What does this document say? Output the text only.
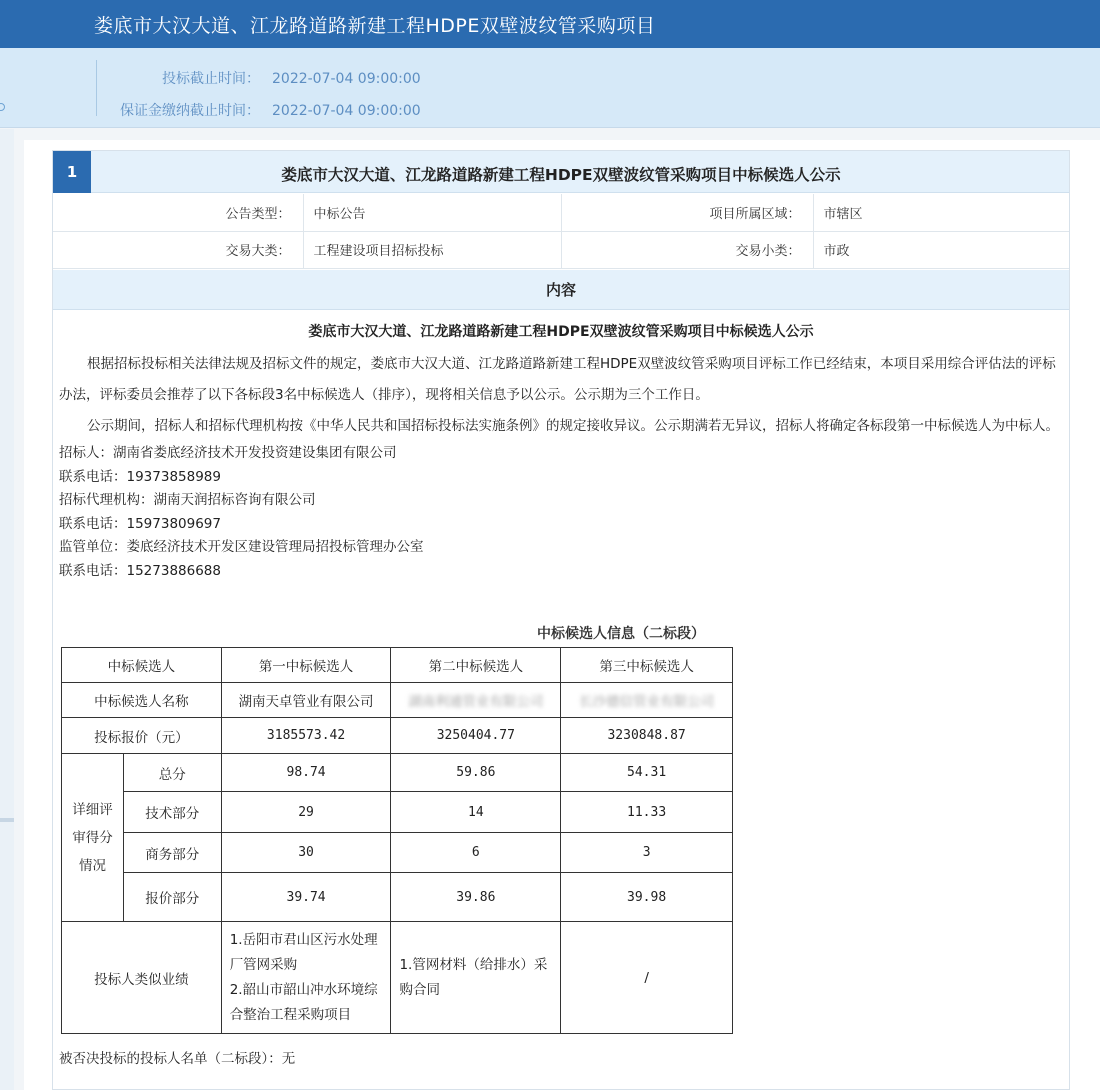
娄底市大汉大道、江龙路道路新建工程HDPE双壁波纹管采购项目
投标截止时间： 2022-07-04 09:00:00
保证金缴纳截止时间： 2022-07-04 09:00:00
1	娄底市大汉大道、江龙路道路新建工程HDPE双壁波纹管采购项目中标候选人公示
公告类型：	中标公告	项目所属区域：	市辖区
交易大类：	工程建设项目招标投标	交易小类：	市政
内容
娄底市大汉大道、江龙路道路新建工程HDPE双壁波纹管采购项目中标候选人公示
根据招标投标相关法律法规及招标文件的规定，娄底市大汉大道、江龙路道路新建工程HDPE双壁波纹管采购项目评标工作已经结束，本项目采用综合评估法的评标办法，评标委员会推荐了以下各标段3名中标候选人（排序），现将相关信息予以公示。公示期为三个工作日。
公示期间，招标人和招标代理机构按《中华人民共和国招标投标法实施条例》的规定接收异议。公示期满若无异议，招标人将确定各标段第一中标候选人为中标人。
招标人：湖南省娄底经济技术开发投资建设集团有限公司
联系电话：19373858989
招标代理机构：湖南天润招标咨询有限公司
联系电话：15973809697
监管单位：娄底经济技术开发区建设管理局招投标管理办公室
联系电话：15273886688
中标候选人信息（二标段）
中标候选人		第一中标候选人	第二中标候选人	第三中标候选人
中标候选人名称		湖南天卓管业有限公司	湖南利通管业有限公司	长沙德信管业有限公司
投标报价（元）		3185573.42	3250404.77	3230848.87
详细评审得分情况	总分	98.74	59.86	54.31
	技术部分	29	14	11.33
	商务部分	30	6	3
	报价部分	39.74	39.86	39.98
投标人类似业绩		1.岳阳市君山区污水处理厂管网采购
2.韶山市韶山冲水环境综合整治工程采购项目	1.管网材料（给排水）采购合同	/
被否决投标的投标人名单（二标段）：无
